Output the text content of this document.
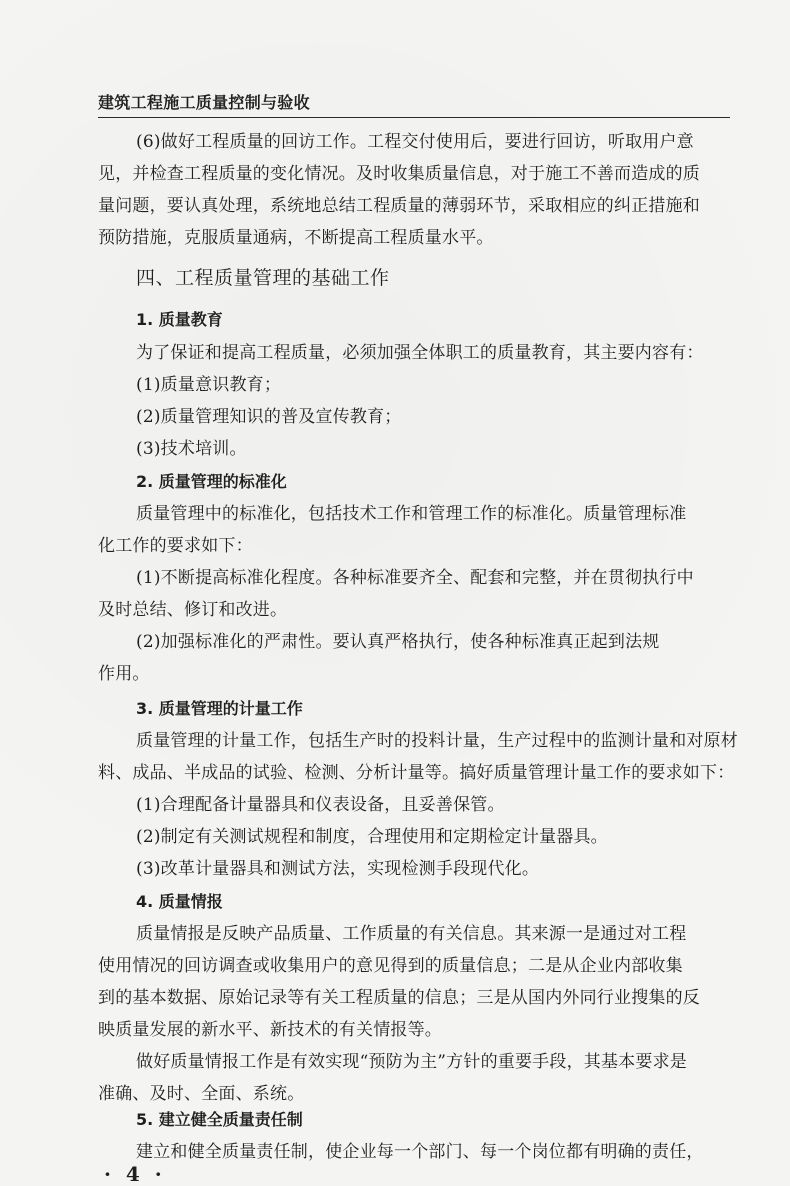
建筑工程施工质量控制与验收
(6)做好工程质量的回访工作。工程交付使用后，要进行回访，听取用户意
见，并检查工程质量的变化情况。及时收集质量信息，对于施工不善而造成的质
量问题，要认真处理，系统地总结工程质量的薄弱环节，采取相应的纠正措施和
预防措施，克服质量通病，不断提高工程质量水平。
四、工程质量管理的基础工作
1. 质量教育
为了保证和提高工程质量，必须加强全体职工的质量教育，其主要内容有：
(1)质量意识教育；
(2)质量管理知识的普及宣传教育；
(3)技术培训。
2. 质量管理的标准化
质量管理中的标准化，包括技术工作和管理工作的标准化。质量管理标准
化工作的要求如下：
(1)不断提高标准化程度。各种标准要齐全、配套和完整，并在贯彻执行中
及时总结、修订和改进。
(2)加强标准化的严肃性。要认真严格执行，使各种标准真正起到法规
作用。
3. 质量管理的计量工作
质量管理的计量工作，包括生产时的投料计量，生产过程中的监测计量和对原材
料、成品、半成品的试验、检测、分析计量等。搞好质量管理计量工作的要求如下：
(1)合理配备计量器具和仪表设备，且妥善保管。
(2)制定有关测试规程和制度，合理使用和定期检定计量器具。
(3)改革计量器具和测试方法，实现检测手段现代化。
4. 质量情报
质量情报是反映产品质量、工作质量的有关信息。其来源一是通过对工程
使用情况的回访调查或收集用户的意见得到的质量信息；二是从企业内部收集
到的基本数据、原始记录等有关工程质量的信息；三是从国内外同行业搜集的反
映质量发展的新水平、新技术的有关情报等。
做好质量情报工作是有效实现“预防为主”方针的重要手段，其基本要求是
准确、及时、全面、系统。
5. 建立健全质量责任制
建立和健全质量责任制，使企业每一个部门、每一个岗位都有明确的责任，
· 4 ·
